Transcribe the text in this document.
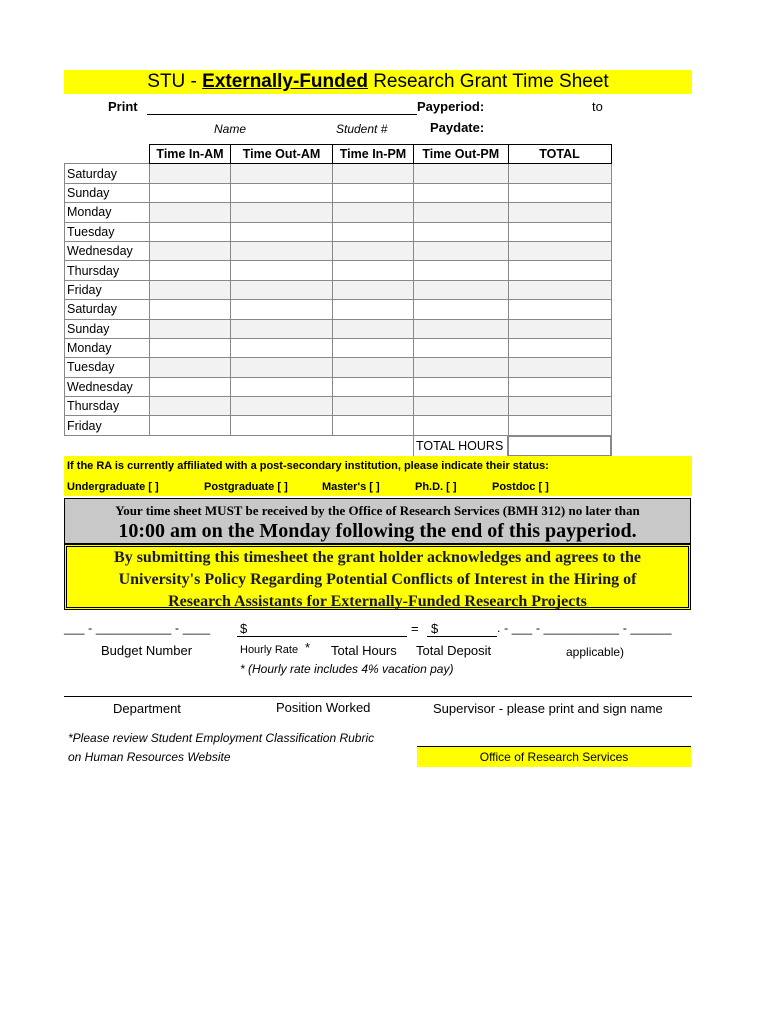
STU - Externally-Funded Research Grant Time Sheet
Print	Payperiod:	to
Name	Student #	Paydate:
	Time In-AM	Time Out-AM	Time In-PM	Time Out-PM	TOTAL
Saturday					
Sunday					
Monday					
Tuesday					
Wednesday					
Thursday					
Friday					
Saturday					
Sunday					
Monday					
Tuesday					
Wednesday					
Thursday					
Friday					
				TOTAL HOURS	
If the RA is currently affiliated with a post-secondary institution, please indicate their status:
Undergraduate [ ]	Postgraduate [ ]	Master's [ ]	Ph.D. [ ]	Postdoc [ ]
Your time sheet MUST be received by the Office of Research Services (BMH 312) no later than
10:00 am on the Monday following the end of this payperiod.
By submitting this timesheet the grant holder acknowledges and agrees to the
University's Policy Regarding Potential Conflicts of Interest in the Hiring of
Research Assistants for Externally-Funded Research Projects
___ - ___________ - ____ $	= $	. - ___ - ___________ - ______
Budget Number	Hourly Rate * Total Hours Total Deposit	applicable)
* (Hourly rate includes 4% vacation pay)
Department	Position Worked	Supervisor - please print and sign name
*Please review Student Employment Classification Rubric
on Human Resources Website	Office of Research Services
